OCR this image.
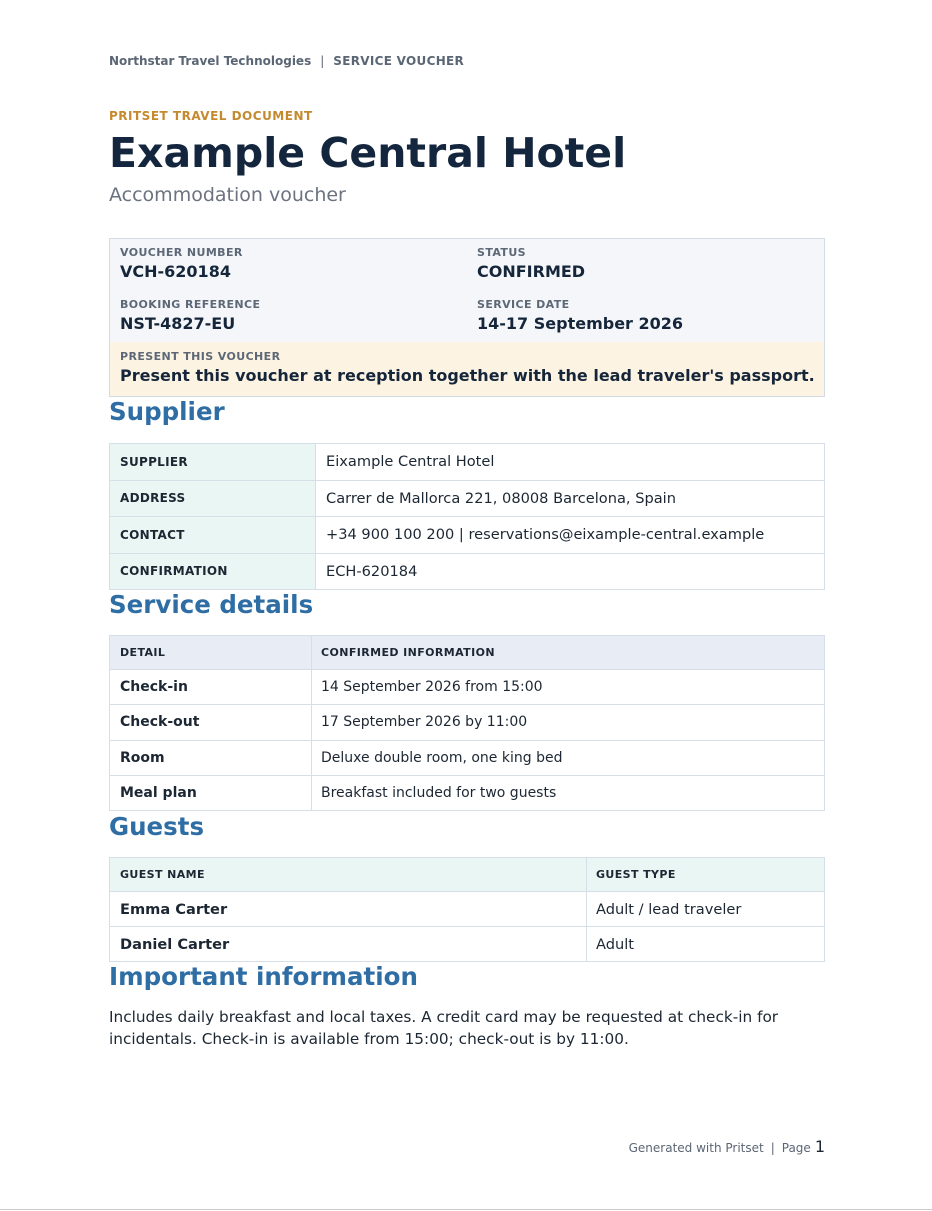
Northstar Travel Technologies | SERVICE VOUCHER
PRITSET TRAVEL DOCUMENT
Example Central Hotel
Accommodation voucher
VOUCHER NUMBER
VCH-620184
STATUS
CONFIRMED
BOOKING REFERENCE
NST-4827-EU
SERVICE DATE
14-17 September 2026
PRESENT THIS VOUCHER
Present this voucher at reception together with the lead traveler's passport.
Supplier
SUPPLIER	Eixample Central Hotel
ADDRESS	Carrer de Mallorca 221, 08008 Barcelona, Spain
CONTACT	+34 900 100 200 | reservations@eixample-central.example
CONFIRMATION	ECH-620184
Service details
DETAIL	CONFIRMED INFORMATION
Check-in	14 September 2026 from 15:00
Check-out	17 September 2026 by 11:00
Room	Deluxe double room, one king bed
Meal plan	Breakfast included for two guests
Guests
GUEST NAME	GUEST TYPE
Emma Carter	Adult / lead traveler
Daniel Carter	Adult
Important information
Includes daily breakfast and local taxes. A credit card may be requested at check-in for incidentals. Check-in is available from 15:00; check-out is by 11:00.
Generated with Pritset | Page 1
